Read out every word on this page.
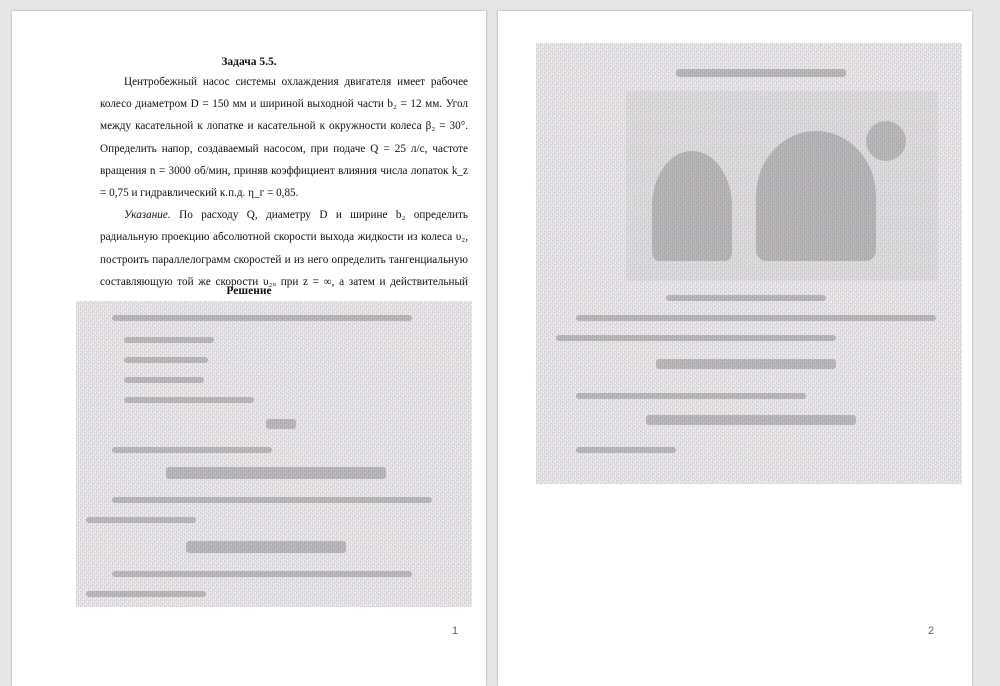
Задача 5.5.

Центробежный насос системы охлаждения двигателя имеет рабочее колесо диаметром D = 150 мм и шириной выходной части b₂ = 12 мм. Угол между касательной к лопатке и касательной к окружности колеса β₂ = 30°. Определить напор, создаваемый насосом, при подаче Q = 25 л/с, частоте вращения n = 3000 об/мин, приняв коэффициент влияния числа лопаток k_z = 0,75 и гидравлический к.п.д. η_г = 0,85.

Указание. По расходу Q, диаметру D и ширине b₂ определить радиальную проекцию абсолютной скорости выхода жидкости из колеса υ₂, построить параллелограмм скоростей и из него определить тангенциальную составляющую той же скорости υ₂ᵤ при z = ∞, а затем и действительный

Решение
1	2
